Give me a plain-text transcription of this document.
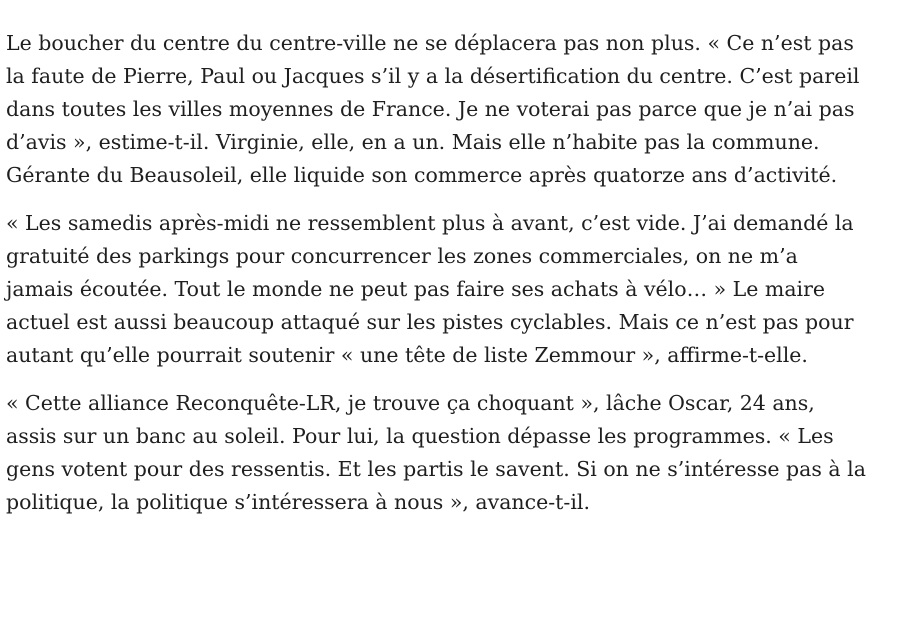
Le boucher du centre du centre-ville ne se déplacera pas non plus. « Ce n’est pas
la faute de Pierre, Paul ou Jacques s’il y a la désertification du centre. C’est pareil
dans toutes les villes moyennes de France. Je ne voterai pas parce que je n’ai pas
d’avis », estime-t-il. Virginie, elle, en a un. Mais elle n’habite pas la commune.
Gérante du Beausoleil, elle liquide son commerce après quatorze ans d’activité.

« Les samedis après-midi ne ressemblent plus à avant, c’est vide. J’ai demandé la
gratuité des parkings pour concurrencer les zones commerciales, on ne m’a
jamais écoutée. Tout le monde ne peut pas faire ses achats à vélo… » Le maire
actuel est aussi beaucoup attaqué sur les pistes cyclables. Mais ce n’est pas pour
autant qu’elle pourrait soutenir « une tête de liste Zemmour », affirme-t-elle.

« Cette alliance Reconquête-LR, je trouve ça choquant », lâche Oscar, 24 ans,
assis sur un banc au soleil. Pour lui, la question dépasse les programmes. « Les
gens votent pour des ressentis. Et les partis le savent. Si on ne s’intéresse pas à la
politique, la politique s’intéressera à nous », avance-t-il.
